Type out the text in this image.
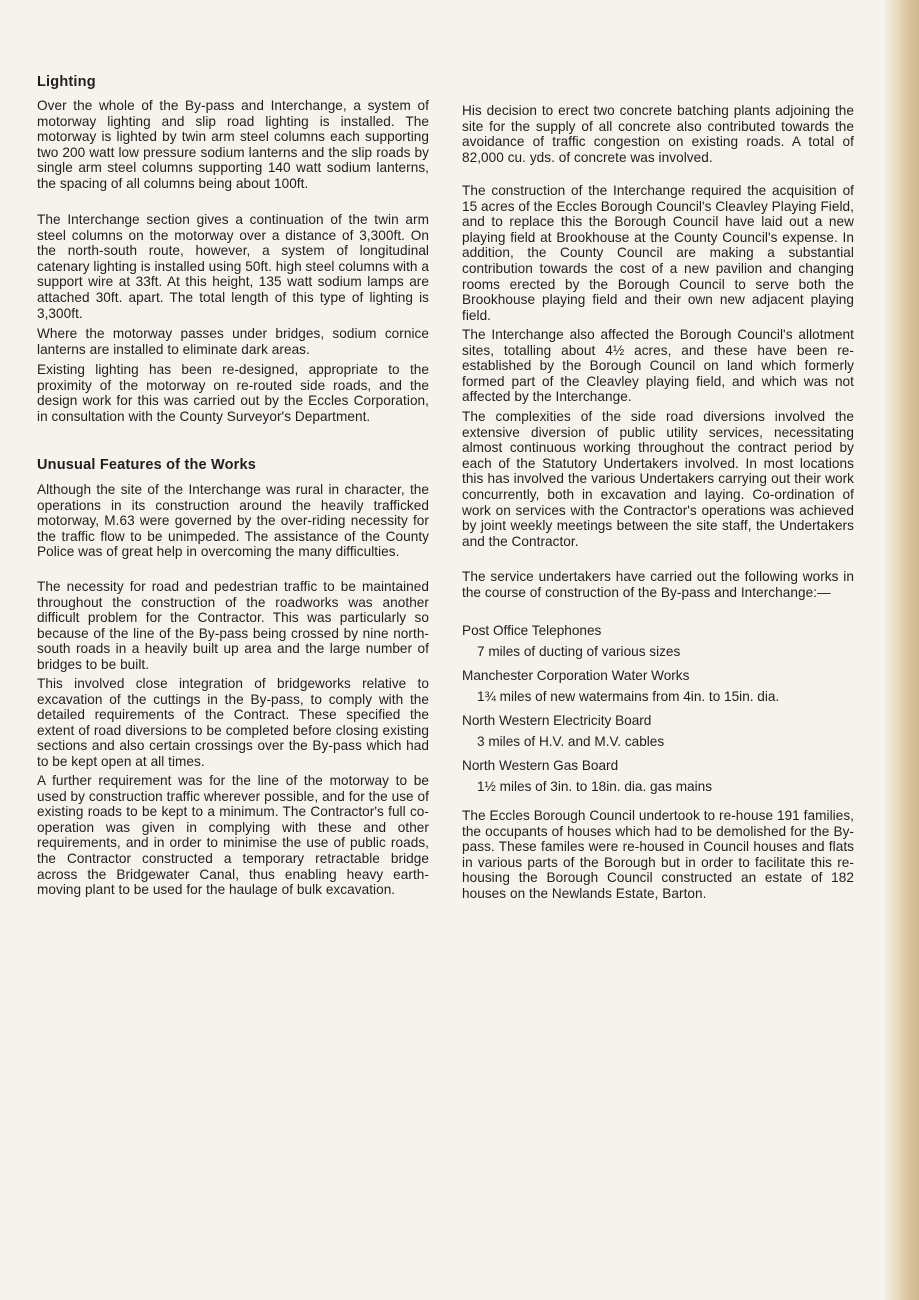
Lighting

Over the whole of the By-pass and Interchange, a system of motorway lighting and slip road lighting is installed. The motorway is lighted by twin arm steel columns each supporting two 200 watt low pressure sodium lanterns and the slip roads by single arm steel columns supporting 140 watt sodium lanterns, the spacing of all columns being about 100ft.

The Interchange section gives a continuation of the twin arm steel columns on the motorway over a distance of 3,300ft. On the north-south route, however, a system of longitudinal catenary lighting is installed using 50ft. high steel columns with a support wire at 33ft. At this height, 135 watt sodium lamps are attached 30ft. apart. The total length of this type of lighting is 3,300ft.

Where the motorway passes under bridges, sodium cornice lanterns are installed to eliminate dark areas.

Existing lighting has been re-designed, appropriate to the proximity of the motorway on re-routed side roads, and the design work for this was carried out by the Eccles Corporation, in consultation with the County Surveyor's Department.

Unusual Features of the Works

Although the site of the Interchange was rural in character, the operations in its construction around the heavily trafficked motorway, M.63 were governed by the over-riding necessity for the traffic flow to be unimpeded. The assistance of the County Police was of great help in overcoming the many difficulties.

The necessity for road and pedestrian traffic to be maintained throughout the construction of the roadworks was another difficult problem for the Contractor. This was particularly so because of the line of the By-pass being crossed by nine north-south roads in a heavily built up area and the large number of bridges to be built.

This involved close integration of bridgeworks relative to excavation of the cuttings in the By-pass, to comply with the detailed requirements of the Contract. These specified the extent of road diversions to be completed before closing existing sections and also certain crossings over the By-pass which had to be kept open at all times.

A further requirement was for the line of the motorway to be used by construction traffic wherever possible, and for the use of existing roads to be kept to a minimum. The Contractor's full co-operation was given in complying with these and other requirements, and in order to minimise the use of public roads, the Contractor constructed a temporary retractable bridge across the Bridgewater Canal, thus enabling heavy earth-moving plant to be used for the haulage of bulk excavation.

His decision to erect two concrete batching plants adjoining the site for the supply of all concrete also contributed towards the avoidance of traffic congestion on existing roads. A total of 82,000 cu. yds. of concrete was involved.

The construction of the Interchange required the acquisition of 15 acres of the Eccles Borough Council's Cleavley Playing Field, and to replace this the Borough Council have laid out a new playing field at Brookhouse at the County Council's expense. In addition, the County Council are making a substantial contribution towards the cost of a new pavilion and changing rooms erected by the Borough Council to serve both the Brookhouse playing field and their own new adjacent playing field.

The Interchange also affected the Borough Council's allotment sites, totalling about 4½ acres, and these have been re-established by the Borough Council on land which formerly formed part of the Cleavley playing field, and which was not affected by the Interchange.

The complexities of the side road diversions involved the extensive diversion of public utility services, necessitating almost continuous working throughout the contract period by each of the Statutory Undertakers involved. In most locations this has involved the various Undertakers carrying out their work concurrently, both in excavation and laying. Co-ordination of work on services with the Contractor's operations was achieved by joint weekly meetings between the site staff, the Undertakers and the Contractor.

The service undertakers have carried out the following works in the course of construction of the By-pass and Interchange:—

Post Office Telephones
7 miles of ducting of various sizes
Manchester Corporation Water Works
1¾ miles of new watermains from 4in. to 15in. dia.
North Western Electricity Board
3 miles of H.V. and M.V. cables
North Western Gas Board
1½ miles of 3in. to 18in. dia. gas mains

The Eccles Borough Council undertook to re-house 191 families, the occupants of houses which had to be demolished for the By-pass. These familes were re-housed in Council houses and flats in various parts of the Borough but in order to facilitate this re-housing the Borough Council constructed an estate of 182 houses on the Newlands Estate, Barton.
